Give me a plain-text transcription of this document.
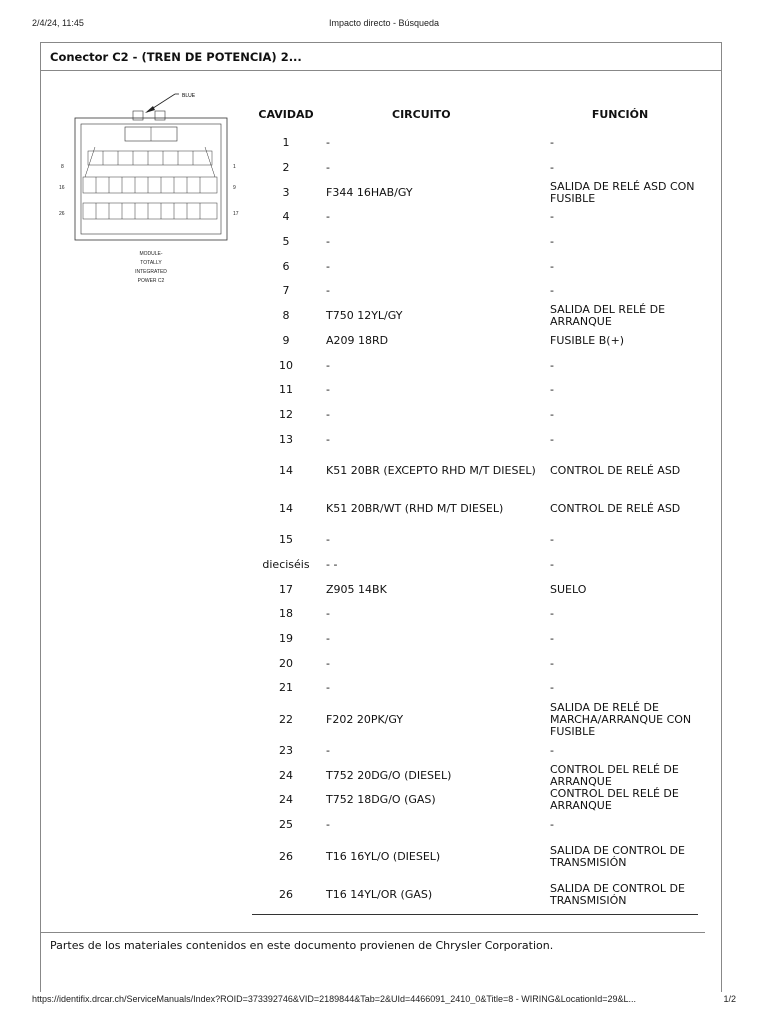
2/4/24, 11:45	Impacto directo - Búsqueda
Conector C2 - (TREN DE POTENCIA) 2...
BLUE
8	1
16	9
26	17
MODULE-
TOTALLY
INTEGRATED
POWER C2
CAVIDAD	CIRCUITO	FUNCIÓN
1	-	-
2	-	-
3	F344 16HAB/GY	SALIDA DE RELÉ ASD CON FUSIBLE
4	-	-
5	-	-
6	-	-
7	-	-
8	T750 12YL/GY	SALIDA DEL RELÉ DE ARRANQUE
9	A209 18RD	FUSIBLE B(+)
10	-	-
11	-	-
12	-	-
13	-	-
14	K51 20BR (EXCEPTO RHD M/T DIESEL)	CONTROL DE RELÉ ASD
14	K51 20BR/WT (RHD M/T DIESEL)	CONTROL DE RELÉ ASD
15	-	-
dieciséis	- -	-
17	Z905 14BK	SUELO
18	-	-
19	-	-
20	-	-
21	-	-
22	F202 20PK/GY	SALIDA DE RELÉ DE MARCHA/ARRANQUE CON FUSIBLE
23	-	-
24	T752 20DG/O (DIESEL)	CONTROL DEL RELÉ DE ARRANQUE
24	T752 18DG/O (GAS)	CONTROL DEL RELÉ DE ARRANQUE
25	-	-
26	T16 16YL/O (DIESEL)	SALIDA DE CONTROL DE TRANSMISIÓN
26	T16 14YL/OR (GAS)	SALIDA DE CONTROL DE TRANSMISIÓN
Partes de los materiales contenidos en este documento provienen de Chrysler Corporation.
https://identifix.drcar.ch/ServiceManuals/Index?ROID=373392746&VID=2189844&Tab=2&UId=4466091_2410_0&Title=8 - WIRING&LocationId=29&L...	1/2
